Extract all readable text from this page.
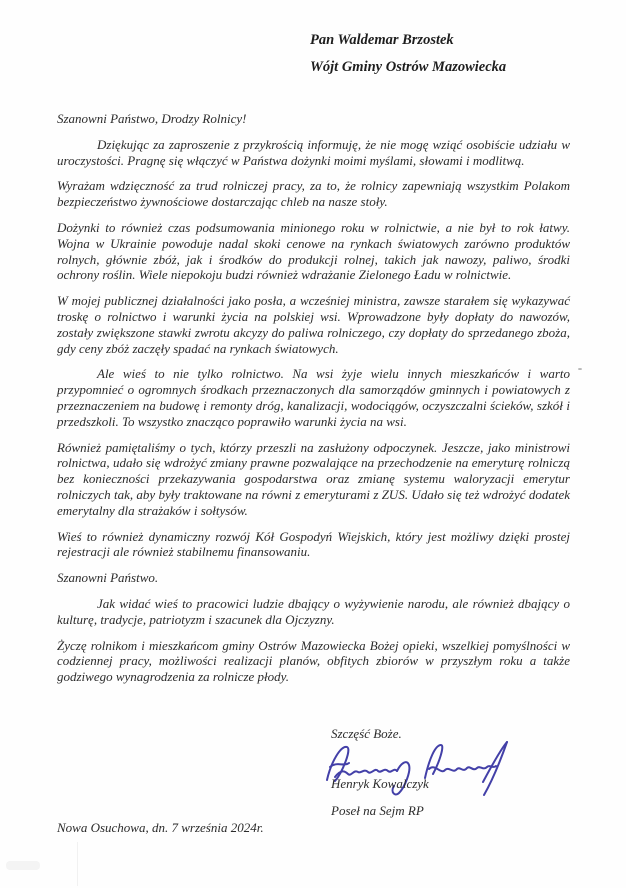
Pan Waldemar Brzostek

Wójt Gminy Ostrów Mazowiecka

Szanowni Państwo, Drodzy Rolnicy!

Dziękując za zaproszenie z przykrością informuję, że nie mogę wziąć osobiście udziału w uroczystości. Pragnę się włączyć w Państwa dożynki moimi myślami, słowami i modlitwą.

Wyrażam wdzięczność za trud rolniczej pracy, za to, że rolnicy zapewniają wszystkim Polakom bezpieczeństwo żywnościowe dostarczając chleb na nasze stoły.

Dożynki to również czas podsumowania minionego roku w rolnictwie, a nie był to rok łatwy. Wojna w Ukrainie powoduje nadal skoki cenowe na rynkach światowych zarówno produktów rolnych, głównie zbóż, jak i środków do produkcji rolnej, takich jak nawozy, paliwo, środki ochrony roślin. Wiele niepokoju budzi również wdrażanie Zielonego Ładu w rolnictwie.

W mojej publicznej działalności jako posła, a wcześniej ministra, zawsze starałem się wykazywać troskę o rolnictwo i warunki życia na polskiej wsi. Wprowadzone były dopłaty do nawozów, zostały zwiększone stawki zwrotu akcyzy do paliwa rolniczego, czy dopłaty do sprzedanego zboża, gdy ceny zbóż zaczęły spadać na rynkach światowych.

Ale wieś to nie tylko rolnictwo. Na wsi żyje wielu innych mieszkańców i warto przypomnieć o ogromnych środkach przeznaczonych dla samorządów gminnych i powiatowych z przeznaczeniem na budowę i remonty dróg, kanalizacji, wodociągów, oczyszczalni ścieków, szkół i przedszkoli. To wszystko znacząco poprawiło warunki życia na wsi.

Również pamiętaliśmy o tych, którzy przeszli na zasłużony odpoczynek. Jeszcze, jako ministrowi rolnictwa, udało się wdrożyć zmiany prawne pozwalające na przechodzenie na emeryturę rolniczą bez konieczności przekazywania gospodarstwa oraz zmianę systemu waloryzacji emerytur rolniczych tak, aby były traktowane na równi z emeryturami z ZUS. Udało się też wdrożyć dodatek emerytalny dla strażaków i sołtysów.

Wieś to również dynamiczny rozwój Kół Gospodyń Wiejskich, który jest możliwy dzięki prostej rejestracji ale również stabilnemu finansowaniu.

Szanowni Państwo.

Jak widać wieś to pracowici ludzie dbający o wyżywienie narodu, ale również dbający o kulturę, tradycje, patriotyzm i szacunek dla Ojczyzny.

Życzę rolnikom i mieszkańcom gminy Ostrów Mazowiecka Bożej opieki, wszelkiej pomyślności w codziennej pracy, możliwości realizacji planów, obfitych zbiorów w przyszłym roku a także godziwego wynagrodzenia za rolnicze płody.

Szczęść Boże.

Henryk Kowalczyk

Poseł na Sejm RP

Nowa Osuchowa, dn. 7 września 2024r.
